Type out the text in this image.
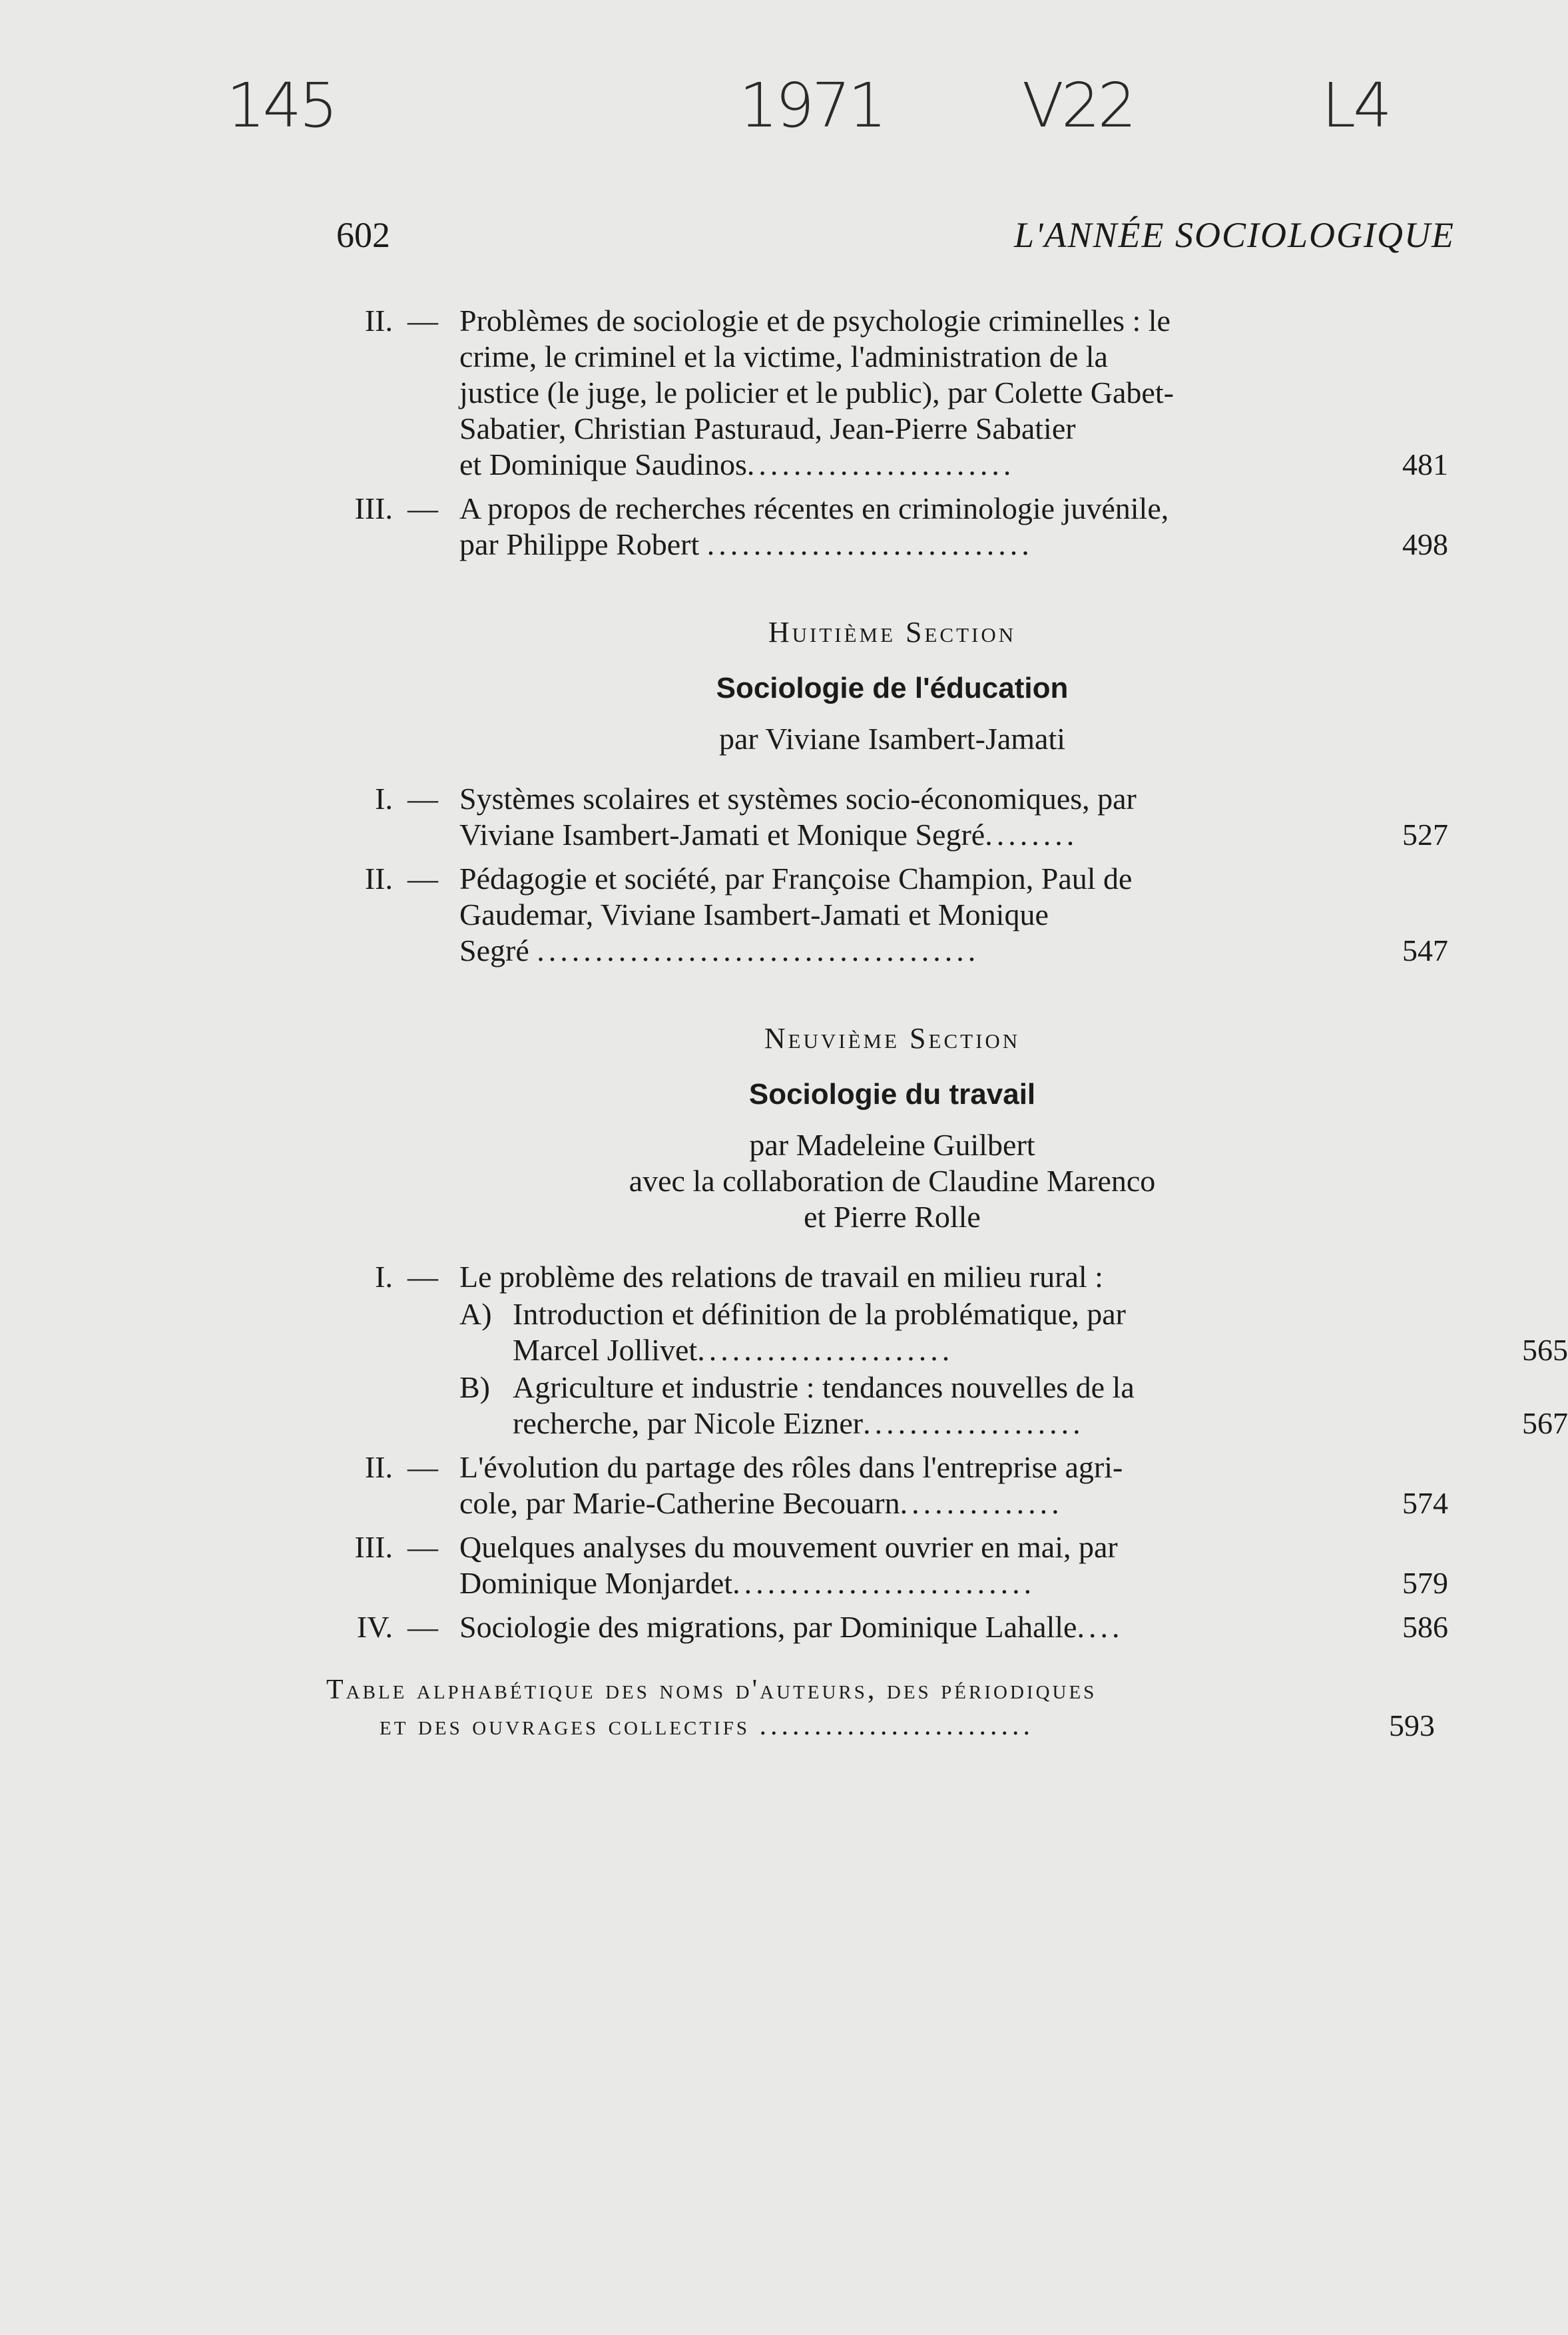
145	1971 V22	L4
602	L'ANNÉE SOCIOLOGIQUE
II. — Problèmes de sociologie et de psychologie criminelles : le
crime, le criminel et la victime, l'administration de la
justice (le juge, le policier et le public), par Colette Gabet-
Sabatier, Christian Pasturaud, Jean-Pierre Sabatier
et Dominique Saudinos.......................	481
III. — A propos de recherches récentes en criminologie juvénile,
par Philippe Robert ............................	498
Huitième Section
Sociologie de l'éducation
par Viviane Isambert-Jamati
I. — Systèmes scolaires et systèmes socio-économiques, par
Viviane Isambert-Jamati et Monique Segré........	527
II. — Pédagogie et société, par Françoise Champion, Paul de
Gaudemar, Viviane Isambert-Jamati et Monique
Segré ......................................	547
Neuvième Section
Sociologie du travail
par Madeleine Guilbert
avec la collaboration de Claudine Marenco
et Pierre Rolle
I. — Le problème des relations de travail en milieu rural :
A) Introduction et définition de la problématique, par
Marcel Jollivet......................	565
B) Agriculture et industrie : tendances nouvelles de la
recherche, par Nicole Eizner...................	567
II. — L'évolution du partage des rôles dans l'entreprise agri-
cole, par Marie-Catherine Becouarn..............	574
III. — Quelques analyses du mouvement ouvrier en mai, par
Dominique Monjardet..........................	579
IV. — Sociologie des migrations, par Dominique Lahalle....	586
Table alphabétique des noms d'auteurs, des périodiques
et des ouvrages collectifs .........................	593
